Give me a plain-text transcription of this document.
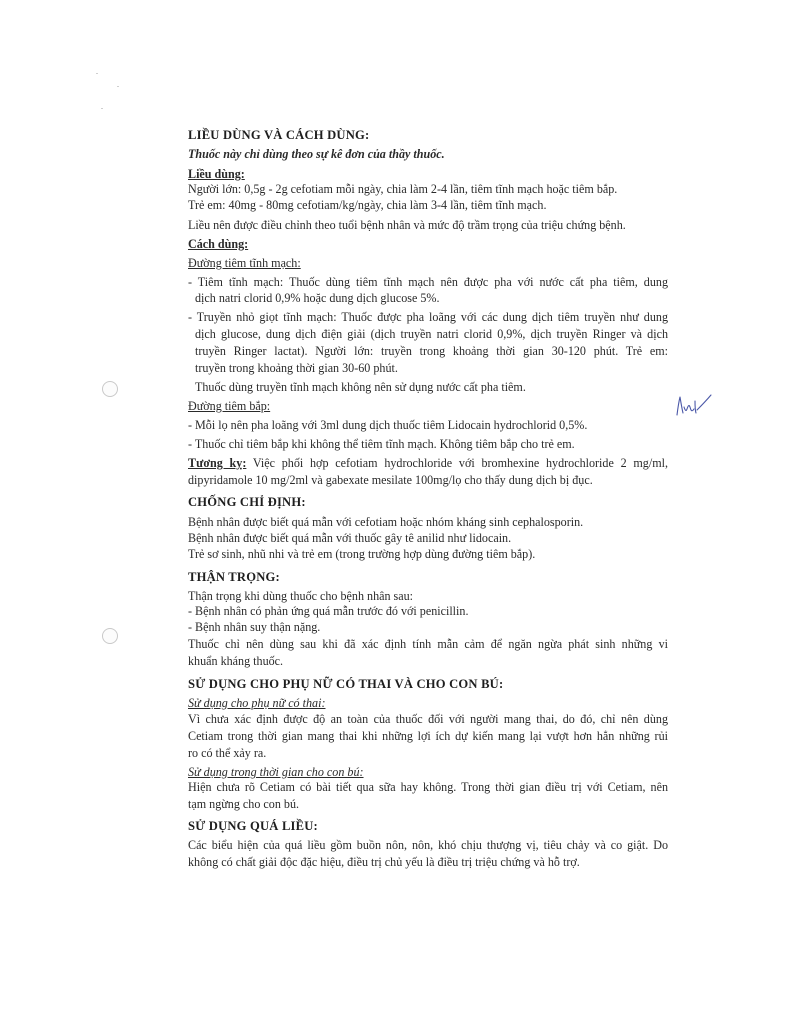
LIỀU DÙNG VÀ CÁCH DÙNG:
Thuốc này chỉ dùng theo sự kê đơn của thầy thuốc.
Liều dùng:
Người lớn: 0,5g - 2g cefotiam mỗi ngày, chia làm 2-4 lần, tiêm tĩnh mạch hoặc tiêm bắp.
Trẻ em: 40mg - 80mg cefotiam/kg/ngày, chia làm 3-4 lần, tiêm tĩnh mạch.
Liều nên được điều chỉnh theo tuổi bệnh nhân và mức độ trầm trọng của triệu chứng bệnh.
Cách dùng:
Đường tiêm tĩnh mạch:
- Tiêm tĩnh mạch: Thuốc dùng tiêm tĩnh mạch nên được pha với nước cất pha tiêm, dung
dịch natri clorid 0,9% hoặc dung dịch glucose 5%.
- Truyền nhỏ giọt tĩnh mạch: Thuốc được pha loãng với các dung dịch tiêm truyền như dung
dịch glucose, dung dịch điện giải (dịch truyền natri clorid 0,9%, dịch truyền Ringer và dịch
truyền Ringer lactat). Người lớn: truyền trong khoảng thời gian 30-120 phút. Trẻ em:
truyền trong khoảng thời gian 30-60 phút.
Thuốc dùng truyền tĩnh mạch không nên sử dụng nước cất pha tiêm.
Đường tiêm bắp:
- Mỗi lọ nên pha loãng với 3ml dung dịch thuốc tiêm Lidocain hydrochlorid 0,5%.
- Thuốc chỉ tiêm bắp khi không thể tiêm tĩnh mạch. Không tiêm bắp cho trẻ em.
Tương kỵ: Việc phối hợp cefotiam hydrochloride với bromhexine hydrochloride 2 mg/ml,
dipyridamole 10 mg/2ml và gabexate mesilate 100mg/lọ cho thấy dung dịch bị đục.
CHỐNG CHỈ ĐỊNH:
Bệnh nhân được biết quá mẫn với cefotiam hoặc nhóm kháng sinh cephalosporin.
Bệnh nhân được biết quá mẫn với thuốc gây tê anilid như lidocain.
Trẻ sơ sinh, nhũ nhi và trẻ em (trong trường hợp dùng đường tiêm bắp).
THẬN TRỌNG:
Thận trọng khi dùng thuốc cho bệnh nhân sau:
- Bệnh nhân có phản ứng quá mẫn trước đó với penicillin.
- Bệnh nhân suy thận nặng.
Thuốc chỉ nên dùng sau khi đã xác định tính mẫn cảm để ngăn ngừa phát sinh những vi
khuẩn kháng thuốc.
SỬ DỤNG CHO PHỤ NỮ CÓ THAI VÀ CHO CON BÚ:
Sử dụng cho phụ nữ có thai:
Vì chưa xác định được độ an toàn của thuốc đối với người mang thai, do đó, chỉ nên dùng
Cetiam trong thời gian mang thai khi những lợi ích dự kiến mang lại vượt hơn hẳn những rủi
ro có thể xảy ra.
Sử dụng trong thời gian cho con bú:
Hiện chưa rõ Cetiam có bài tiết qua sữa hay không. Trong thời gian điều trị với Cetiam, nên
tạm ngừng cho con bú.
SỬ DỤNG QUÁ LIỀU:
Các biểu hiện của quá liều gồm buồn nôn, nôn, khó chịu thượng vị, tiêu chảy và co giật. Do
không có chất giải độc đặc hiệu, điều trị chủ yếu là điều trị triệu chứng và hỗ trợ.
